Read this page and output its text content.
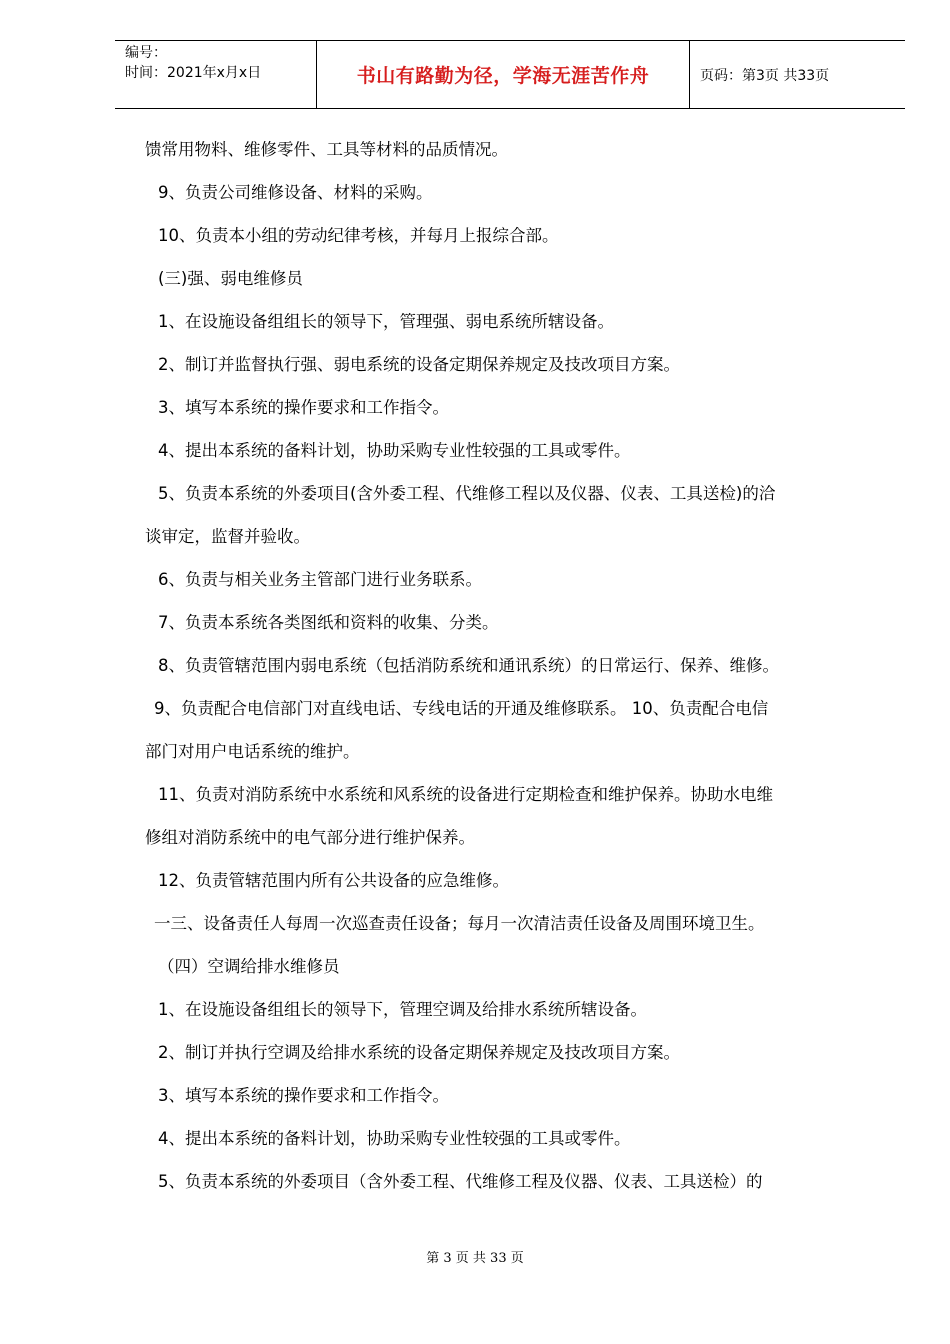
编号：
时间：2021年x月x日	书山有路勤为径，学海无涯苦作舟	页码：第3页 共33页
馈常用物料、维修零件、工具等材料的品质情况。
9、负责公司维修设备、材料的采购。
10、负责本小组的劳动纪律考核，并每月上报综合部。
(三)强、弱电维修员
1、在设施设备组组长的领导下，管理强、弱电系统所辖设备。
2、制订并监督执行强、弱电系统的设备定期保养规定及技改项目方案。
3、填写本系统的操作要求和工作指令。
4、提出本系统的备料计划，协助采购专业性较强的工具或零件。
5、负责本系统的外委项目(含外委工程、代维修工程以及仪器、仪表、工具送检)的洽
谈审定，监督并验收。
6、负责与相关业务主管部门进行业务联系。
7、负责本系统各类图纸和资料的收集、分类。
8、负责管辖范围内弱电系统（包括消防系统和通讯系统）的日常运行、保养、维修。
9、负责配合电信部门对直线电话、专线电话的开通及维修联系。 10、负责配合电信
部门对用户电话系统的维护。
11、负责对消防系统中水系统和风系统的设备进行定期检查和维护保养。协助水电维
修组对消防系统中的电气部分进行维护保养。
12、负责管辖范围内所有公共设备的应急维修。
一三、设备责任人每周一次巡查责任设备；每月一次清洁责任设备及周围环境卫生。
（四）空调给排水维修员
1、在设施设备组组长的领导下，管理空调及给排水系统所辖设备。
2、制订并执行空调及给排水系统的设备定期保养规定及技改项目方案。
3、填写本系统的操作要求和工作指令。
4、提出本系统的备料计划，协助采购专业性较强的工具或零件。
5、负责本系统的外委项目（含外委工程、代维修工程及仪器、仪表、工具送检）的
第 3 页 共 33 页
